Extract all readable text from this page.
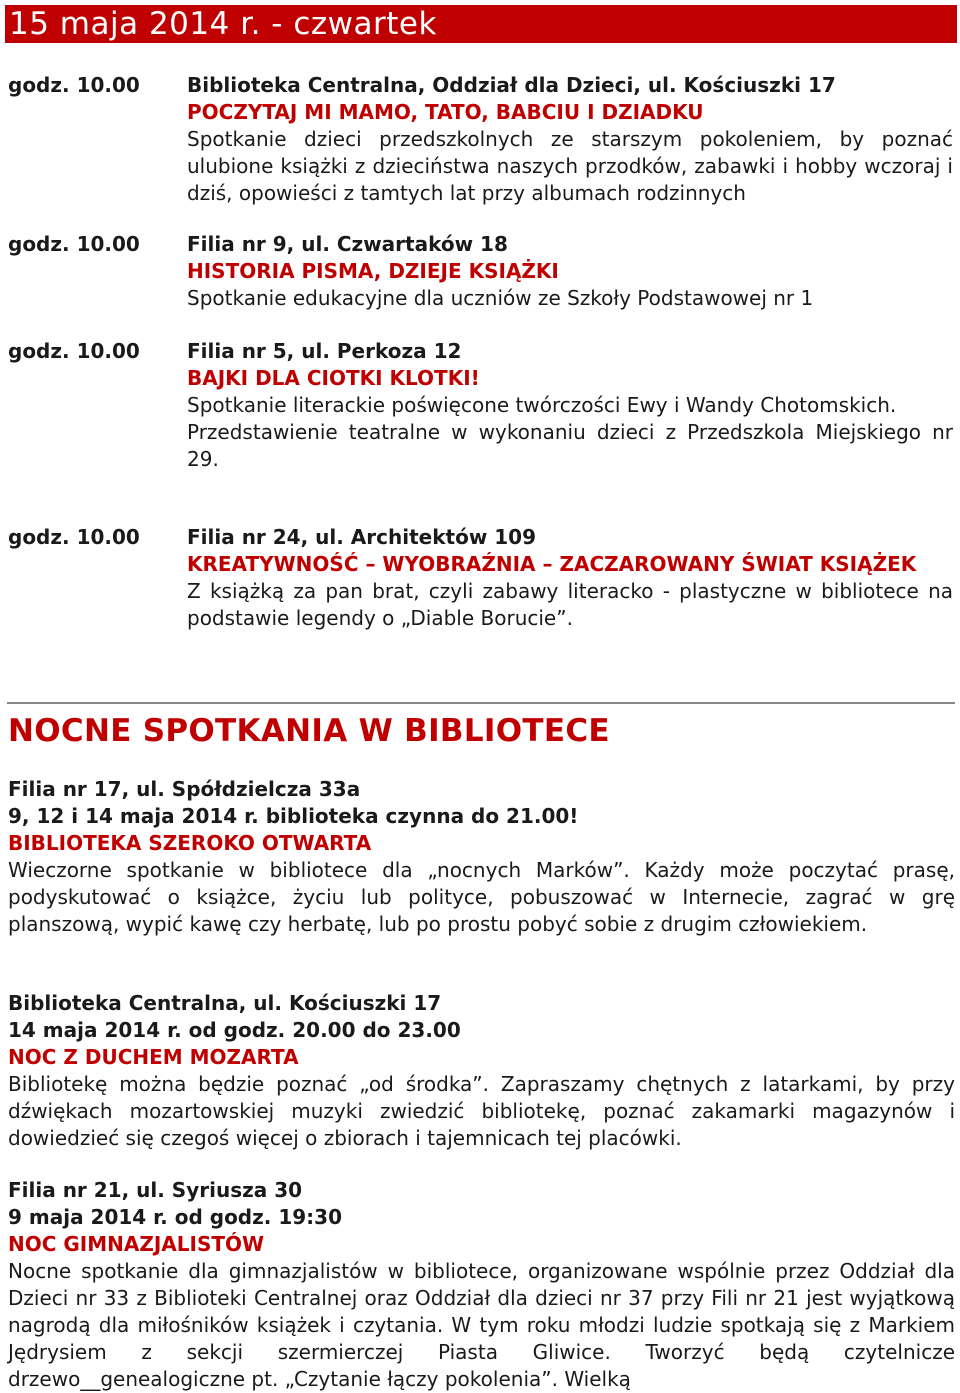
15 maja 2014 r. - czwartek
godz. 10.00 Biblioteka Centralna, Oddział dla Dzieci, ul. Kościuszki 17
POCZYTAJ MI MAMO, TATO, BABCIU I DZIADKU
Spotkanie dzieci przedszkolnych ze starszym pokoleniem, by poznać ulubione książki z dzieciństwa naszych przodków, zabawki i hobby wczoraj i dziś, opowieści z tamtych lat przy albumach rodzinnych
godz. 10.00 Filia nr 9, ul. Czwartaków 18
HISTORIA PISMA, DZIEJE KSIĄŻKI
Spotkanie edukacyjne dla uczniów ze Szkoły Podstawowej nr 1
godz. 10.00 Filia nr 5, ul. Perkoza 12
BAJKI DLA CIOTKI KLOTKI!
Spotkanie literackie poświęcone twórczości Ewy i Wandy Chotomskich.
Przedstawienie teatralne w wykonaniu dzieci z Przedszkola Miejskiego nr 29.
godz. 10.00 Filia nr 24, ul. Architektów 109
KREATYWNOŚĆ – WYOBRAŹNIA – ZACZAROWANY ŚWIAT KSIĄŻEK
Z książką za pan brat, czyli zabawy literacko - plastyczne w bibliotece na podstawie legendy o „Diable Borucie”.
NOCNE SPOTKANIA W BIBLIOTECE
Filia nr 17, ul. Spółdzielcza 33a
9, 12 i 14 maja 2014 r. biblioteka czynna do 21.00!
BIBLIOTEKA SZEROKO OTWARTA
Wieczorne spotkanie w bibliotece dla „nocnych Marków”. Każdy może poczytać prasę, podyskutować o książce, życiu lub polityce, pobuszować w Internecie, zagrać w grę planszową, wypić kawę czy herbatę, lub po prostu pobyć sobie z drugim człowiekiem.
Biblioteka Centralna, ul. Kościuszki 17
14 maja 2014 r. od godz. 20.00 do 23.00
NOC Z DUCHEM MOZARTA
Bibliotekę można będzie poznać „od środka”. Zapraszamy chętnych z latarkami, by przy dźwiękach mozartowskiej muzyki zwiedzić bibliotekę, poznać zakamarki magazynów i dowiedzieć się czegoś więcej o zbiorach i tajemnicach tej placówki.
Filia nr 21, ul. Syriusza 30
9 maja 2014 r. od godz. 19:30
NOC GIMNAZJALISTÓW
Nocne spotkanie dla gimnazjalistów w bibliotece, organizowane wspólnie przez Oddział dla Dzieci nr 33 z Biblioteki Centralnej oraz Oddział dla dzieci nr 37 przy Fili nr 21 jest wyjątkową nagrodą dla miłośników książek i czytania. W tym roku młodzi ludzie spotkają się z Markiem Jędrysiem z sekcji szermierczej Piasta Gliwice. Tworzyć będą czytelnicze drzewo__genealogiczne pt. „Czytanie łączy pokolenia”. Wielką
